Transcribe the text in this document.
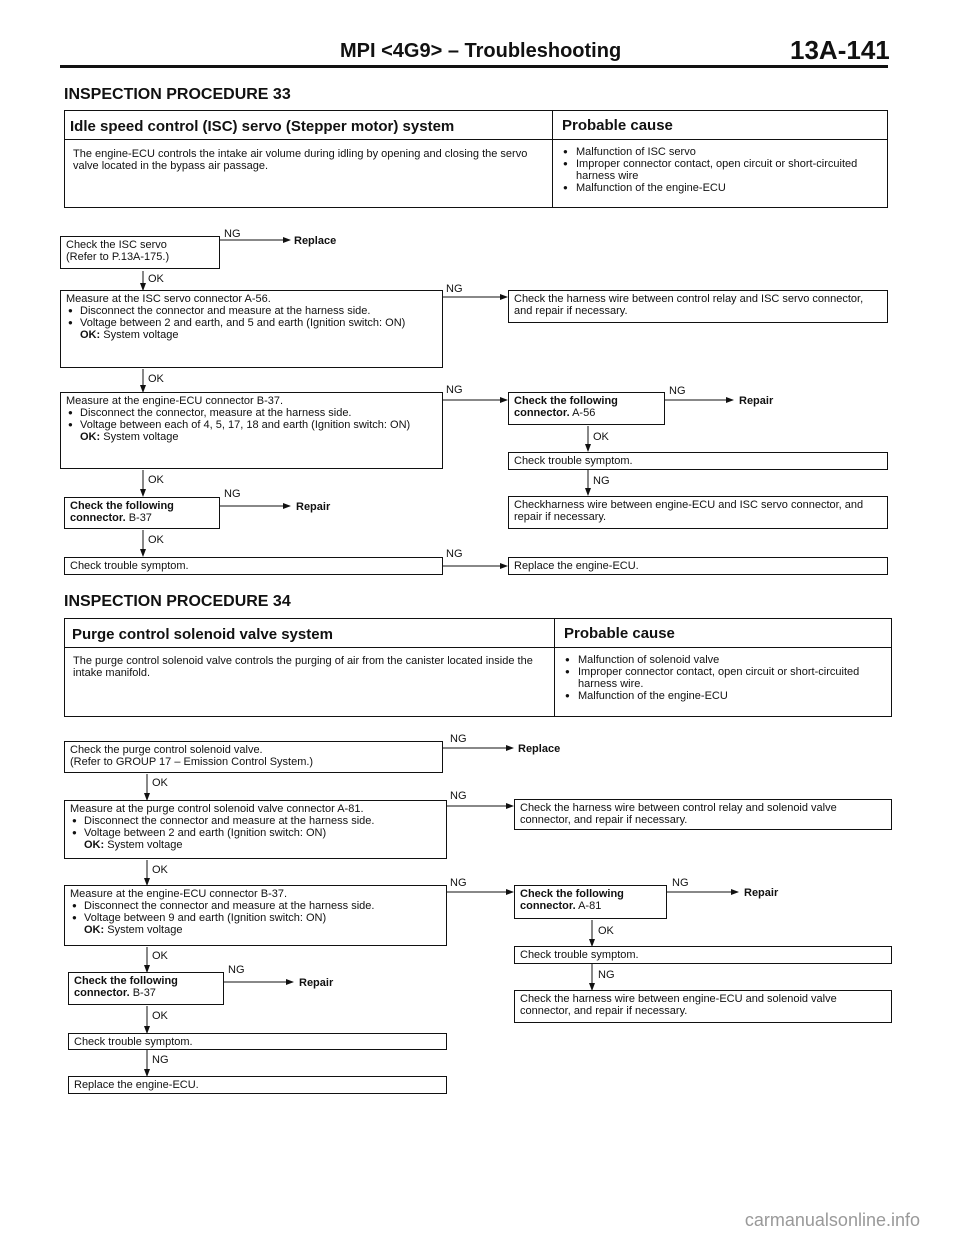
MPI <4G9> – Troubleshooting	13A-141
INSPECTION PROCEDURE 33
Idle speed control (ISC) servo (Stepper motor) system	Probable cause
The engine-ECU controls the intake air volume during idling by opening and closing the servo valve located in the bypass air passage.
● Malfunction of ISC servo
● Improper connector contact, open circuit or short-circuited harness wire
● Malfunction of the engine-ECU
Check the ISC servo
(Refer to P.13A-175.)
NG
Replace
OK
Measure at the ISC servo connector A-56.
● Disconnect the connector and measure at the harness side.
● Voltage between 2 and earth, and 5 and earth (Ignition switch: ON)
OK: System voltage
NG
Check the harness wire between control relay and ISC servo connector, and repair if necessary.
OK
Measure at the engine-ECU connector B-37.
● Disconnect the connector, measure at the harness side.
● Voltage between each of 4, 5, 17, 18 and earth (Ignition switch: ON)
OK: System voltage
NG
Check the following connector. A-56
NG
Repair
OK
Check trouble symptom.
NG
Checkharness wire between engine-ECU and ISC servo connector, and repair if necessary.
OK
Check the following connector. B-37
NG
Repair
OK
Check trouble symptom.
NG
Replace the engine-ECU.
INSPECTION PROCEDURE 34
Purge control solenoid valve system	Probable cause
The purge control solenoid valve controls the purging of air from the canister located inside the intake manifold.
● Malfunction of solenoid valve
● Improper connector contact, open circuit or short-circuited harness wire.
● Malfunction of the engine-ECU
Check the purge control solenoid valve.
(Refer to GROUP 17 – Emission Control System.)
NG
Replace
OK
Measure at the purge control solenoid valve connector A-81.
● Disconnect the connector and measure at the harness side.
● Voltage between 2 and earth (Ignition switch: ON)
OK: System voltage
NG
Check the harness wire between control relay and solenoid valve connector, and repair if necessary.
OK
Measure at the engine-ECU connector B-37.
● Disconnect the connector and measure at the harness side.
● Voltage between 9 and earth (Ignition switch: ON)
OK: System voltage
NG
Check the following connector. A-81
NG
Repair
OK
Check trouble symptom.
NG
Check the harness wire between engine-ECU and solenoid valve connector, and repair if necessary.
OK
Check the following connector. B-37
NG
Repair
OK
Check trouble symptom.
NG
Replace the engine-ECU.
carmanualsonline.info
